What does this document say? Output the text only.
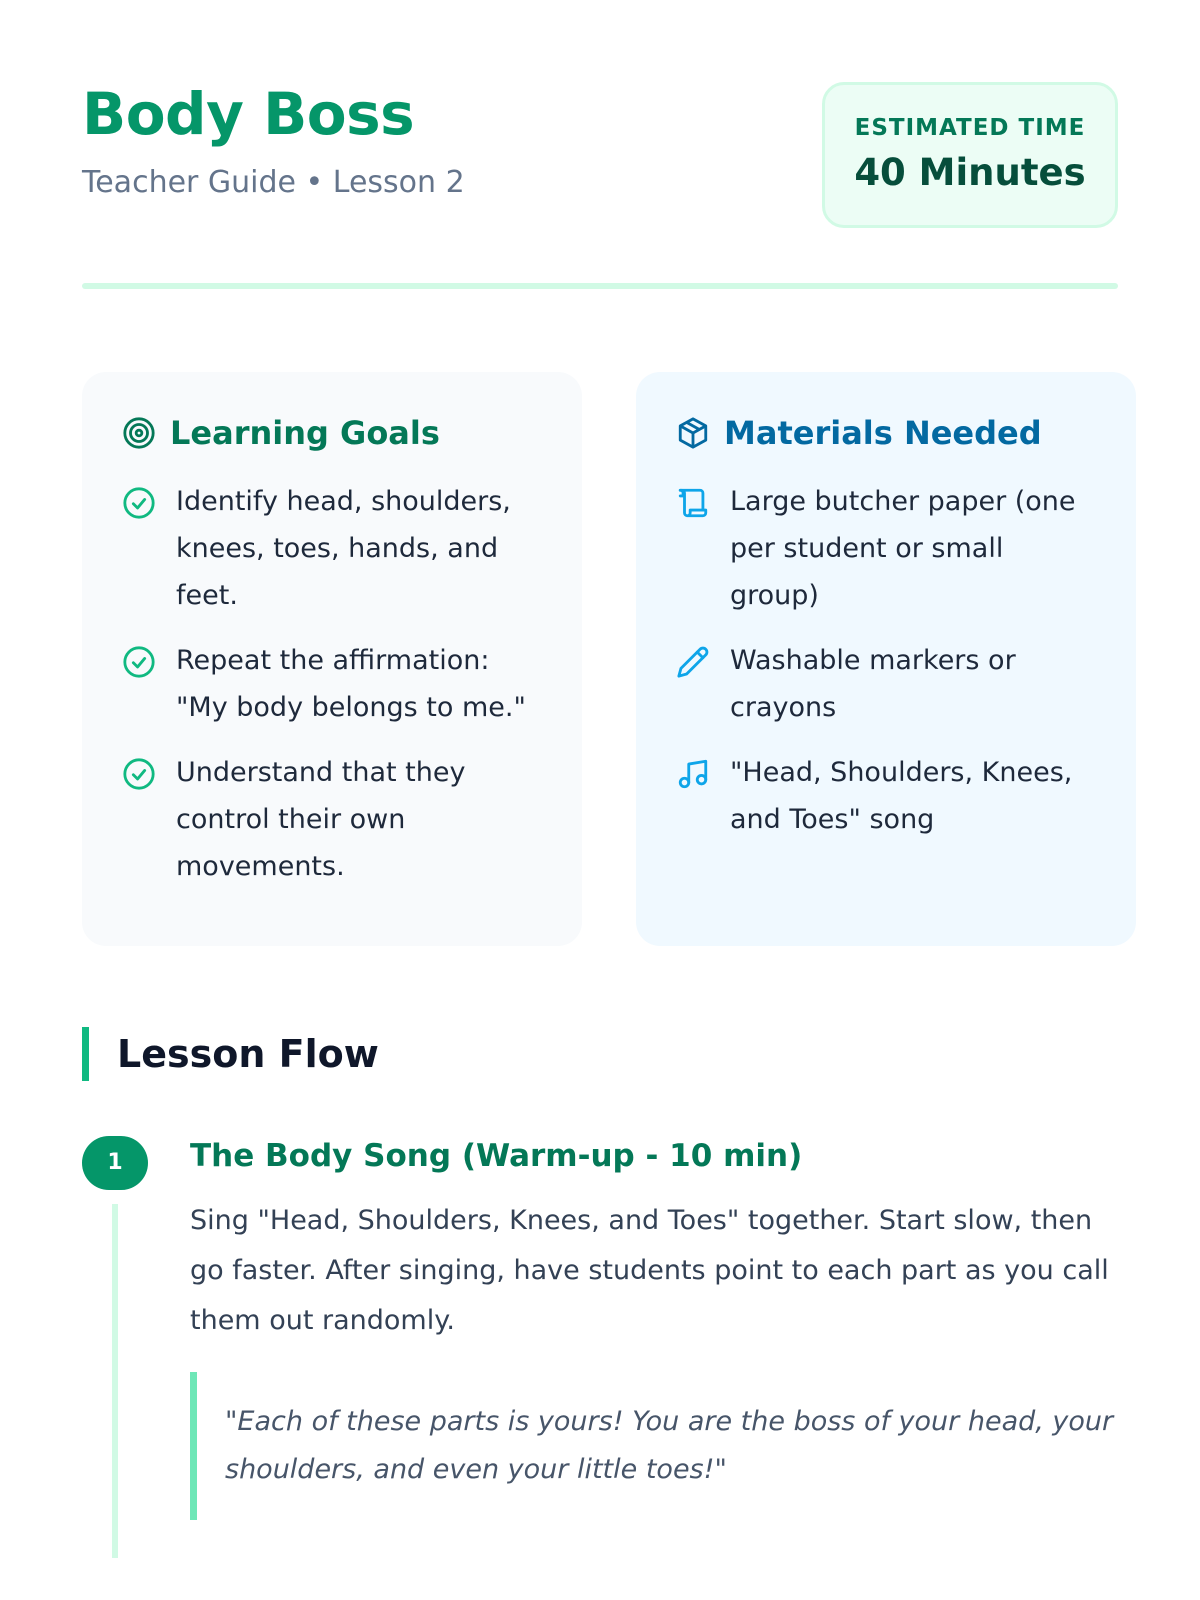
Body Boss
Teacher Guide • Lesson 2
ESTIMATED TIME
40 Minutes
Learning Goals
Identify head, shoulders, knees, toes, hands, and feet.
Repeat the affirmation: "My body belongs to me."
Understand that they control their own movements.
Materials Needed
Large butcher paper (one per student or small group)
Washable markers or crayons
"Head, Shoulders, Knees, and Toes" song
Lesson Flow
1	The Body Song (Warm-up - 10 min)

Sing "Head, Shoulders, Knees, and Toes" together. Start slow, then go faster. After singing, have students point to each part as you call them out randomly.

"Each of these parts is yours! You are the boss of your head, your shoulders, and even your little toes!"
